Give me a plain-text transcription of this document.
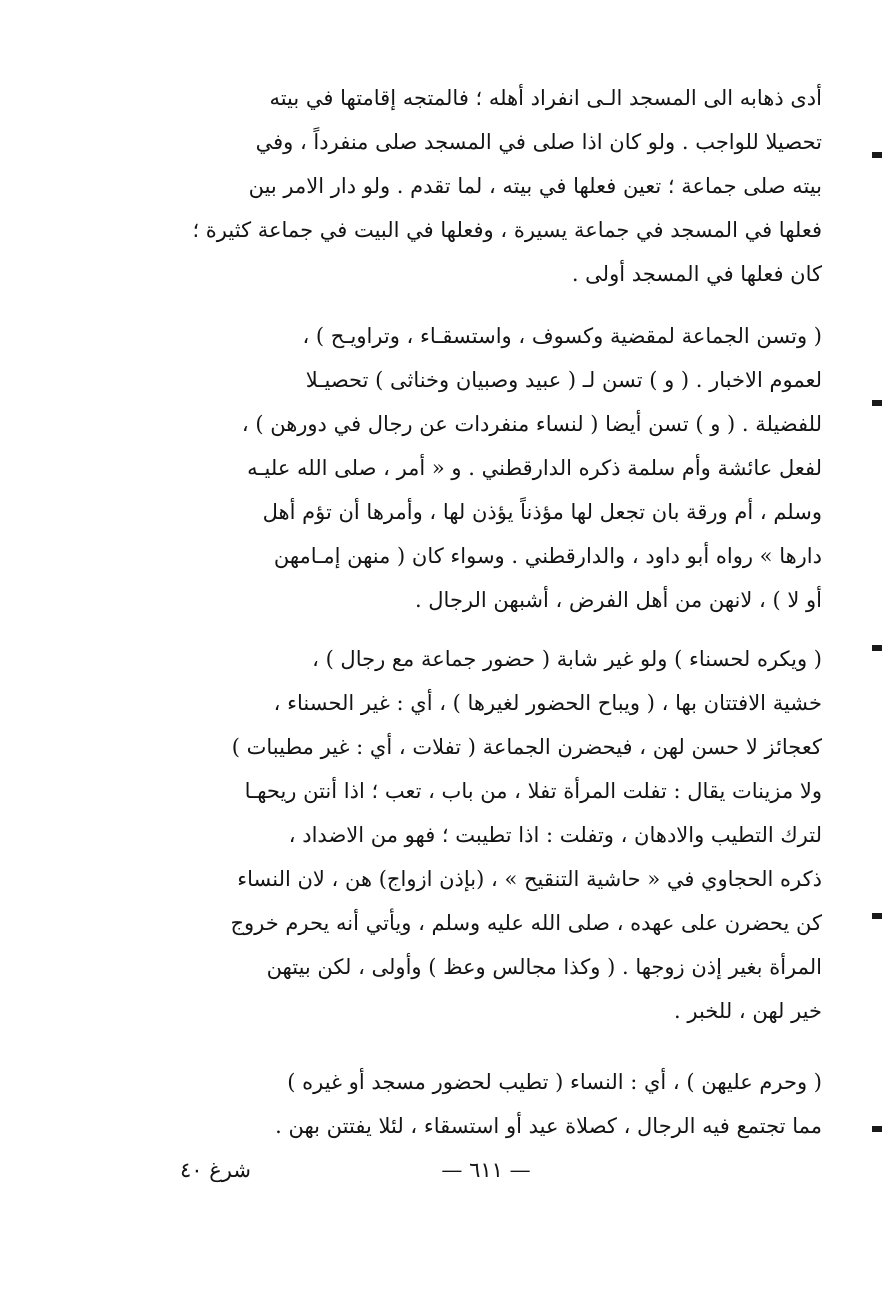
أدى ذهابه الى المسجد الـى انفراد أهله ؛ فالمتجه إقامتها في بيته
تحصيلا للواجب . ولو كان اذا صلى في المسجد صلى منفرداً ، وفي
بيته صلى جماعة ؛ تعين فعلها في بيته ، لما تقدم . ولو دار الامر بين
فعلها في المسجد في جماعة يسيرة ، وفعلها في البيت في جماعة كثيرة ؛
كان فعلها في المسجد أولى .
( وتسن الجماعة لمقضية وكسوف ، واستسقـاء ، وتراويـح ) ،
لعموم الاخبار . ( و ) تسن لـ ( عبيد وصبيان وخناثى ) تحصيـلا
للفضيلة . ( و ) تسن أيضا ( لنساء منفردات عن رجال في دورهن ) ،
لفعل عائشة وأم سلمة ذكره الدارقطني . و « أمر ، صلى الله عليـه
وسلم ، أم ورقة بان تجعل لها مؤذناً يؤذن لها ، وأمرها أن تؤم أهل
دارها » رواه أبو داود ، والدارقطني . وسواء كان ( منهن إمـامهن
أو لا ) ، لانهن من أهل الفرض ، أشبهن الرجال .
( ويكره لحسناء ) ولو غير شابة ( حضور جماعة مع رجال ) ،
خشية الافتتان بها ، ( ويباح الحضور لغيرها ) ، أي : غير الحسناء ،
كعجائز لا حسن لهن ، فيحضرن الجماعة ( تفلات ، أي : غير مطيبات )
ولا مزينات يقال : تفلت المرأة تفلا ، من باب ، تعب ؛ اذا أنتن ريحهـا
لترك التطيب والادهان ، وتفلت : اذا تطيبت ؛ فهو من الاضداد ،
ذكره الحجاوي في « حاشية التنقيح » ، (بإذن ازواج) هن ، لان النساء
كن يحضرن على عهده ، صلى الله عليه وسلم ، ويأتي أنه يحرم خروج
المرأة بغير إذن زوجها . ( وكذا مجالس وعظ ) وأولى ، لكن بيتهن
خير لهن ، للخبر .
( وحرم عليهن ) ، أي : النساء ( تطيب لحضور مسجد أو غيره )
مما تجتمع فيه الرجال ، كصلاة عيد أو استسقاء ، لئلا يفتتن بهن .
— ٦١١ —
شرغ ٤٠
